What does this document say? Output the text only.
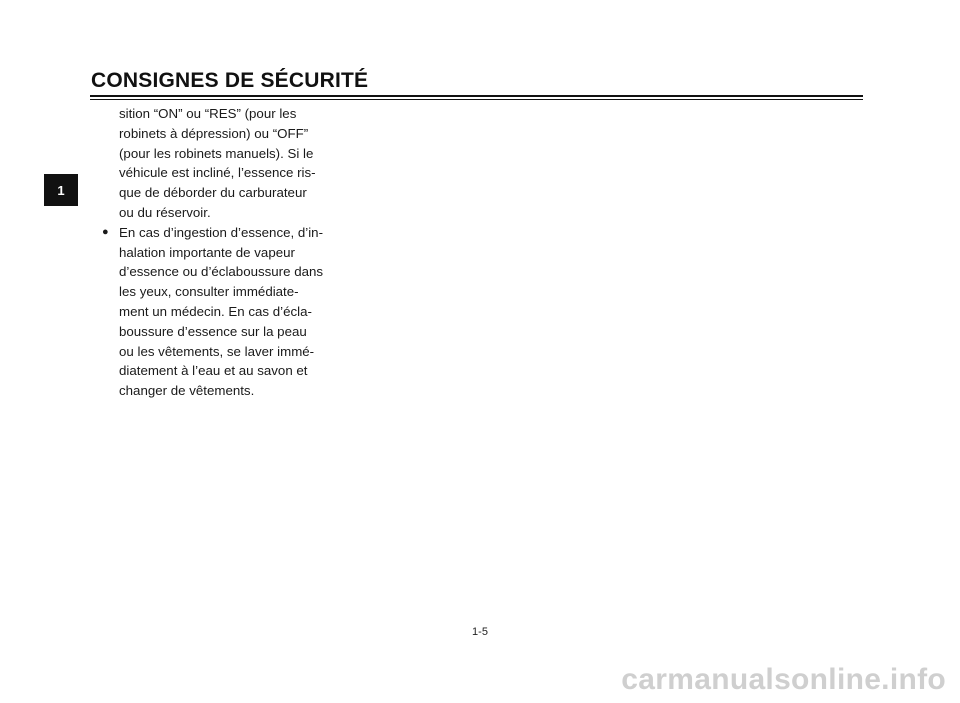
CONSIGNES DE SÉCURITÉ
1

sition “ON” ou “RES” (pour les
robinets à dépression) ou “OFF”
(pour les robinets manuels). Si le
véhicule est incliné, l’essence ris-
que de déborder du carburateur
ou du réservoir.

● En cas d’ingestion d’essence, d’in-
halation importante de vapeur
d’essence ou d’éclaboussure dans
les yeux, consulter immédiate-
ment un médecin. En cas d’écla-
boussure d’essence sur la peau
ou les vêtements, se laver immé-
diatement à l’eau et au savon et
changer de vêtements.

1-5
carmanualsonline.info
